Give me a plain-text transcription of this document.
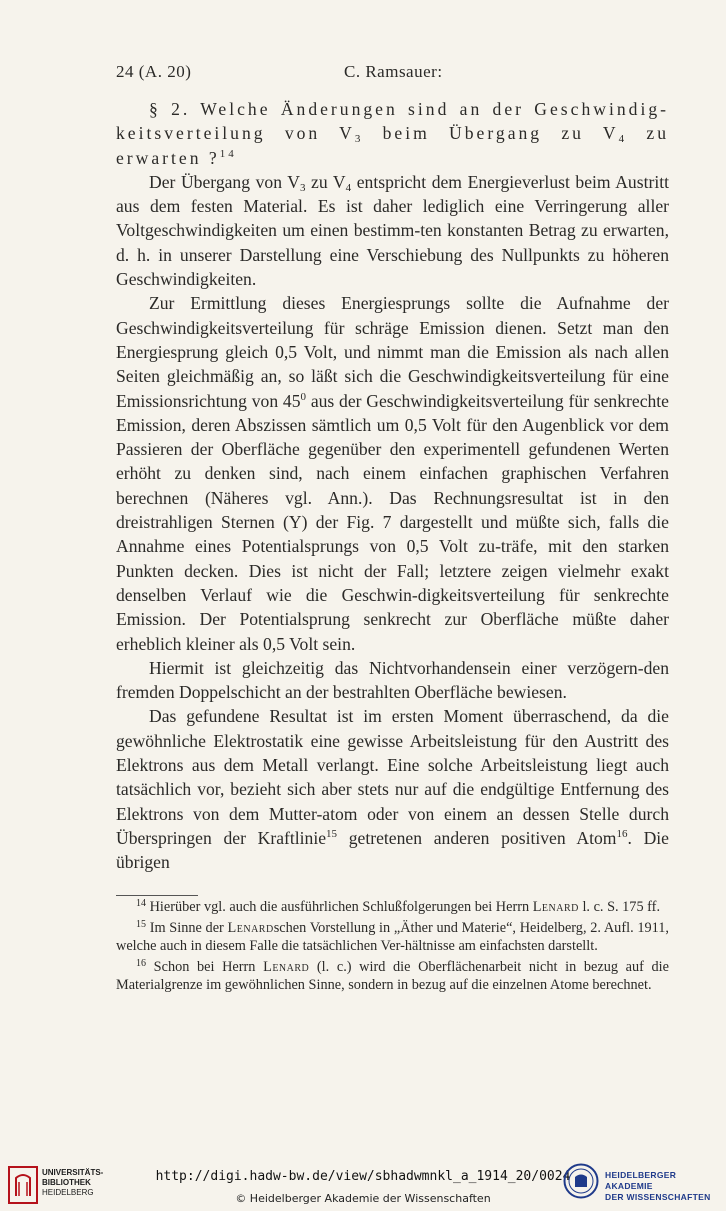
24 (A. 20)	C. Ramsauer:

§ 2. Welche Änderungen sind an der Geschwindig-keitsverteilung von $V_3$ beim Übergang zu $V_4$ zu erwarten ?$^{14}$

Der Übergang von $V_3$ zu $V_4$ entspricht dem Energieverlust beim Austritt aus dem festen Material. Es ist daher lediglich eine Verringerung aller Voltgeschwindigkeiten um einen bestimm-ten konstanten Betrag zu erwarten, d. h. in unserer Darstellung eine Verschiebung des Nullpunkts zu höheren Geschwindigkeiten.

Zur Ermittlung dieses Energiesprungs sollte die Aufnahme der Geschwindigkeitsverteilung für schräge Emission dienen. Setzt man den Energiesprung gleich 0,5 Volt, und nimmt man die Emission als nach allen Seiten gleichmäßig an, so läßt sich die Geschwindigkeitsverteilung für eine Emissionsrichtung von 45$^0$ aus der Geschwindigkeitsverteilung für senkrechte Emission, deren Abszissen sämtlich um 0,5 Volt für den Augenblick vor dem Passieren der Oberfläche gegenüber den experimentell gefundenen Werten erhöht zu denken sind, nach einem einfachen graphischen Verfahren berechnen (Näheres vgl. Ann.). Das Rechnungsresultat ist in den dreistrahligen Sternen (Y) der Fig. 7 dargestellt und müßte sich, falls die Annahme eines Potentialsprungs von 0,5 Volt zu-träfe, mit den starken Punkten decken. Dies ist nicht der Fall; letztere zeigen vielmehr exakt denselben Verlauf wie die Geschwin-digkeitsverteilung für senkrechte Emission. Der Potentialsprung senkrecht zur Oberfläche müßte daher erheblich kleiner als 0,5 Volt sein.

Hiermit ist gleichzeitig das Nichtvorhandensein einer verzögern-den fremden Doppelschicht an der bestrahlten Oberfläche bewiesen.

Das gefundene Resultat ist im ersten Moment überraschend, da die gewöhnliche Elektrostatik eine gewisse Arbeitsleistung für den Austritt des Elektrons aus dem Metall verlangt. Eine solche Arbeitsleistung liegt auch tatsächlich vor, bezieht sich aber stets nur auf die endgültige Entfernung des Elektrons von dem Mutter-atom oder von einem an dessen Stelle durch Überspringen der Kraftlinie$^{15}$ getretenen anderen positiven Atom$^{16}$. Die übrigen

$^{14}$ Hierüber vgl. auch die ausführlichen Schlußfolgerungen bei Herrn Lenard l. c. S. 175 ff.

$^{15}$ Im Sinne der Lenardschen Vorstellung in „Äther und Materie“, Heidelberg, 2. Aufl. 1911, welche auch in diesem Falle die tatsächlichen Ver-hältnisse am einfachsten darstellt.

$^{16}$ Schon bei Herrn Lenard (l. c.) wird die Oberflächenarbeit nicht in bezug auf die Materialgrenze im gewöhnlichen Sinne, sondern in bezug auf die einzelnen Atome berechnet.

UNIVERSITÄTS-
BIBLIOTHEK
HEIDELBERG
http://digi.hadw-bw.de/view/sbhadwmnkl_a_1914_20/0024
© Heidelberger Akademie der Wissenschaften
HEIDELBERGER AKADEMIE
DER WISSENSCHAFTEN
